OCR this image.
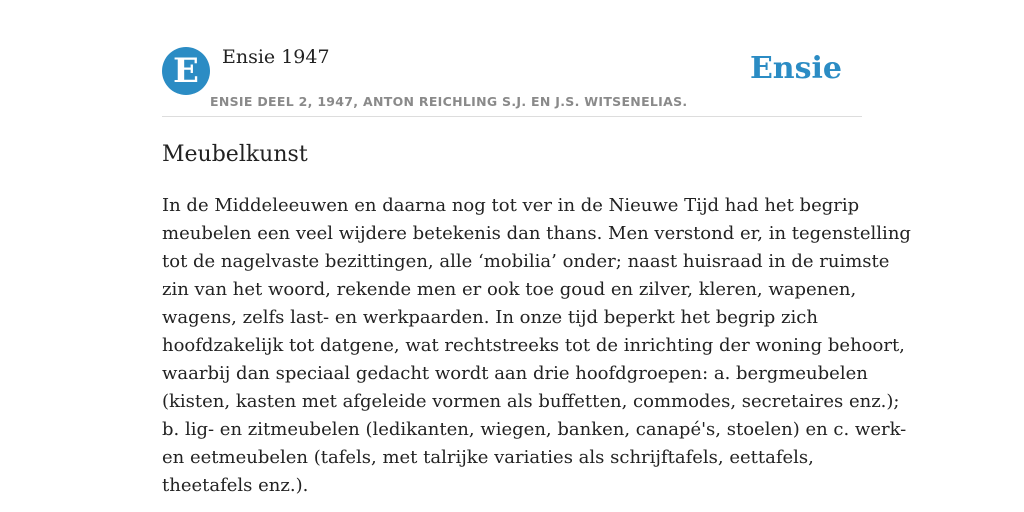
E	Ensie 1947
ENSIE DEEL 2, 1947, ANTON REICHLING S.J. EN J.S. WITSENELIAS.
Ensie
Meubelkunst
In de Middeleeuwen en daarna nog tot ver in de Nieuwe Tijd had het begrip
meubelen een veel wijdere betekenis dan thans. Men verstond er, in tegenstelling
tot de nagelvaste bezittingen, alle ‘mobilia’ onder; naast huisraad in de ruimste
zin van het woord, rekende men er ook toe goud en zilver, kleren, wapenen,
wagens, zelfs last- en werkpaarden. In onze tijd beperkt het begrip zich
hoofdzakelijk tot datgene, wat rechtstreeks tot de inrichting der woning behoort,
waarbij dan speciaal gedacht wordt aan drie hoofdgroepen: a. bergmeubelen
(kisten, kasten met afgeleide vormen als buffetten, commodes, secretaires enz.);
b. lig- en zitmeubelen (ledikanten, wiegen, banken, canapé's, stoelen) en c. werk-
en eetmeubelen (tafels, met talrijke variaties als schrijftafels, eettafels,
theetafels enz.).
